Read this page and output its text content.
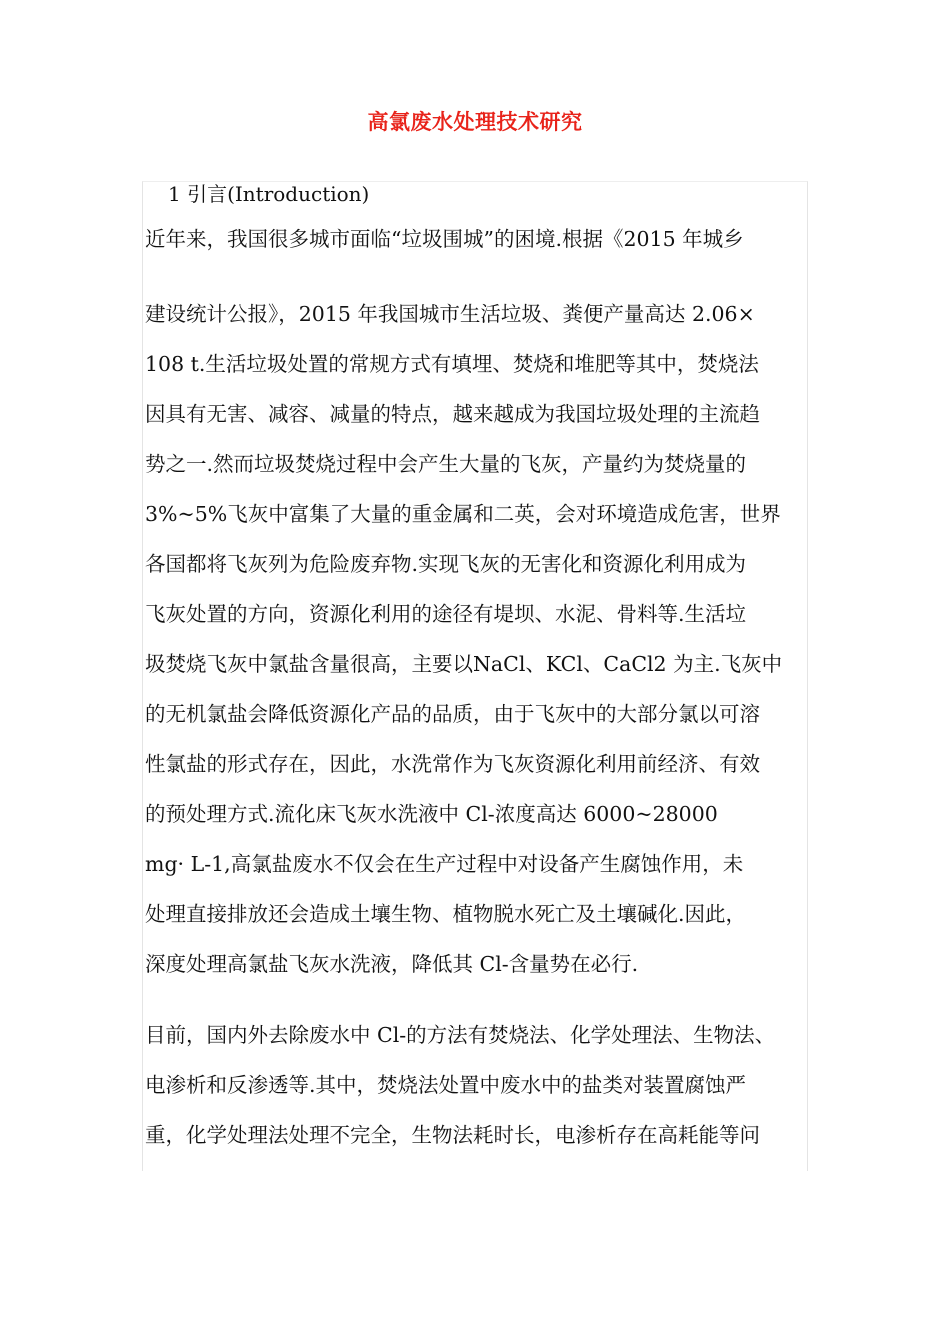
高氯废水处理技术研究
1 引言(Introduction)

近年来，我国很多城市面临“垃圾围城”的困境.根据《2015 年城乡

建设统计公报》，2015 年我国城市生活垃圾、粪便产量高达 2.06×

108 t.生活垃圾处置的常规方式有填埋、焚烧和堆肥等其中，焚烧法

因具有无害、减容、减量的特点，越来越成为我国垃圾处理的主流趋

势之一.然而垃圾焚烧过程中会产生大量的飞灰，产量约为焚烧量的

3%~5%飞灰中富集了大量的重金属和二英，会对环境造成危害，世界

各国都将飞灰列为危险废弃物.实现飞灰的无害化和资源化利用成为

飞灰处置的方向，资源化利用的途径有堤坝、水泥、骨料等.生活垃

圾焚烧飞灰中氯盐含量很高，主要以NaCl、KCl、CaCl2 为主.飞灰中

的无机氯盐会降低资源化产品的品质，由于飞灰中的大部分氯以可溶

性氯盐的形式存在，因此，水洗常作为飞灰资源化利用前经济、有效

的预处理方式.流化床飞灰水洗液中 Cl-浓度高达 6000~28000

mg· L-1,高氯盐废水不仅会在生产过程中对设备产生腐蚀作用，未

处理直接排放还会造成土壤生物、植物脱水死亡及土壤碱化.因此，

深度处理高氯盐飞灰水洗液，降低其 Cl-含量势在必行.

目前，国内外去除废水中 Cl-的方法有焚烧法、化学处理法、生物法、

电渗析和反渗透等.其中，焚烧法处置中废水中的盐类对装置腐蚀严

重，化学处理法处理不完全，生物法耗时长，电渗析存在高耗能等问
